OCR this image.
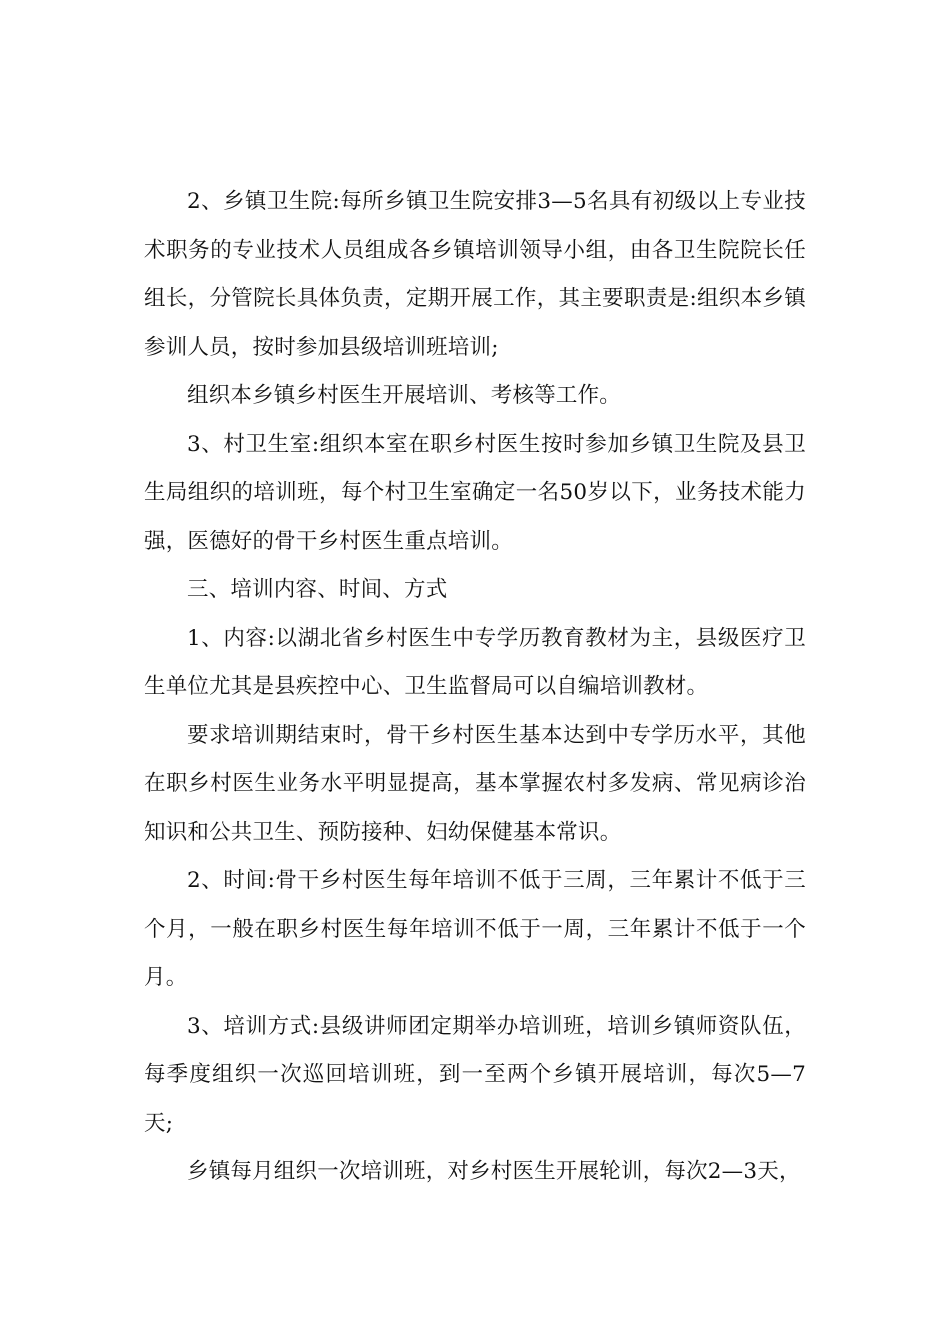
2、乡镇卫生院:每所乡镇卫生院安排3—5名具有初级以上专业技术职务的专业技术人员组成各乡镇培训领导小组，由各卫生院院长任组长，分管院长具体负责，定期开展工作，其主要职责是:组织本乡镇参训人员，按时参加县级培训班培训;

组织本乡镇乡村医生开展培训、考核等工作。

3、村卫生室:组织本室在职乡村医生按时参加乡镇卫生院及县卫生局组织的培训班，每个村卫生室确定一名50岁以下，业务技术能力强，医德好的骨干乡村医生重点培训。

三、培训内容、时间、方式

1、内容:以湖北省乡村医生中专学历教育教材为主，县级医疗卫生单位尤其是县疾控中心、卫生监督局可以自编培训教材。

要求培训期结束时，骨干乡村医生基本达到中专学历水平，其他在职乡村医生业务水平明显提高，基本掌握农村多发病、常见病诊治知识和公共卫生、预防接种、妇幼保健基本常识。

2、时间:骨干乡村医生每年培训不低于三周，三年累计不低于三个月，一般在职乡村医生每年培训不低于一周，三年累计不低于一个月。

3、培训方式:县级讲师团定期举办培训班，培训乡镇师资队伍，每季度组织一次巡回培训班，到一至两个乡镇开展培训，每次5—7天;

乡镇每月组织一次培训班，对乡村医生开展轮训，每次2—3天，
